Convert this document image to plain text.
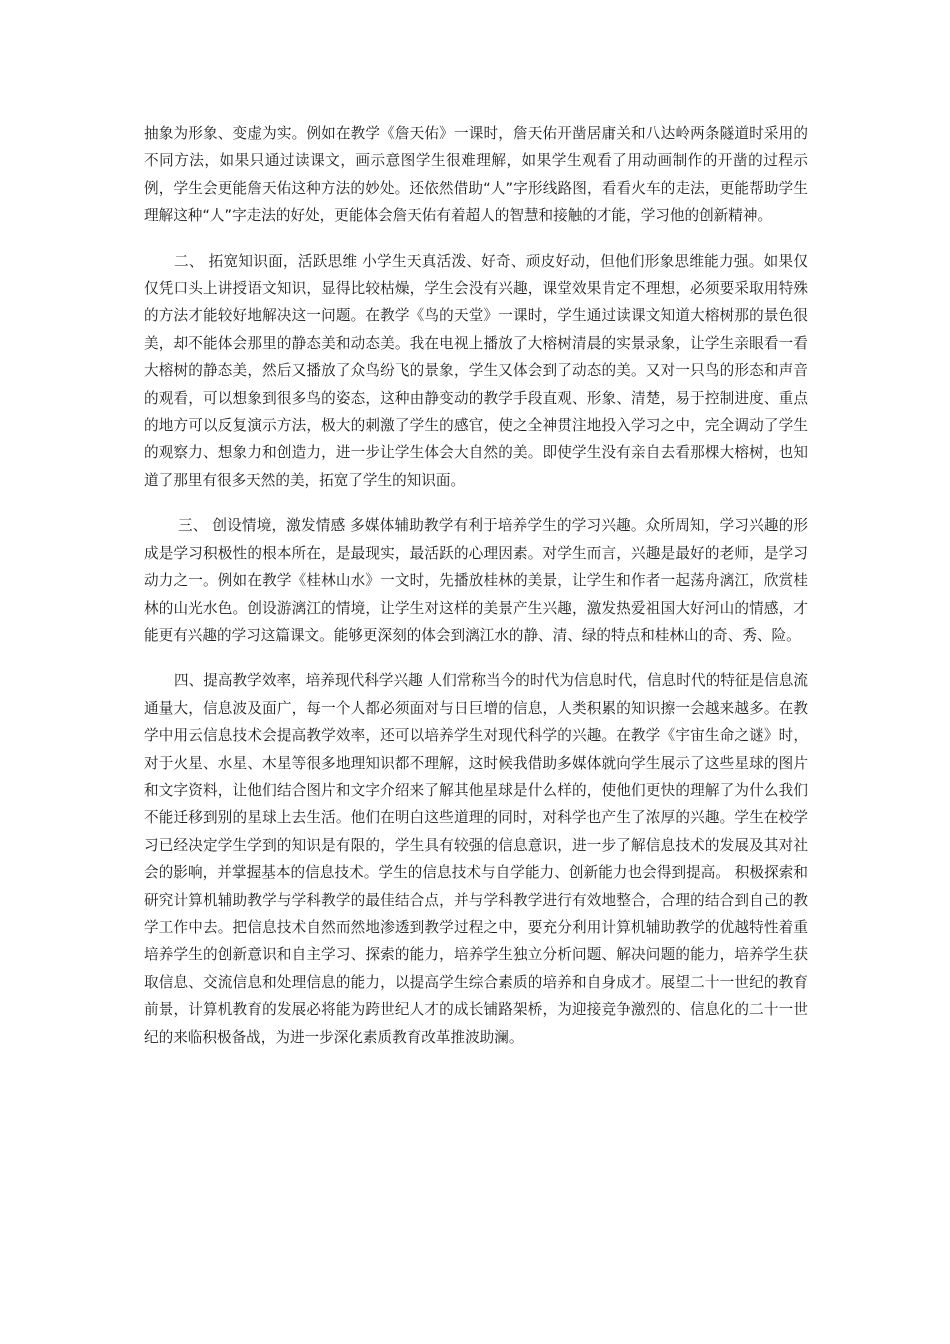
抽象为形象、变虚为实。例如在教学《詹天佑》一课时，詹天佑开凿居庸关和八达岭两条隧道时采用的不同方法，如果只通过读课文，画示意图学生很难理解，如果学生观看了用动画制作的开凿的过程示例，学生会更能詹天佑这种方法的妙处。还依然借助“人”字形线路图，看看火车的走法，更能帮助学生理解这种“人”字走法的好处，更能体会詹天佑有着超人的智慧和接触的才能，学习他的创新精神。

二、 拓宽知识面，活跃思维 小学生天真活泼、好奇、顽皮好动，但他们形象思维能力强。如果仅仅凭口头上讲授语文知识，显得比较枯燥，学生会没有兴趣，课堂效果肯定不理想，必须要采取用特殊的方法才能较好地解决这一问题。在教学《鸟的天堂》一课时，学生通过读课文知道大榕树那的景色很美，却不能体会那里的静态美和动态美。我在电视上播放了大榕树清晨的实景录象，让学生亲眼看一看大榕树的静态美，然后又播放了众鸟纷飞的景象，学生又体会到了动态的美。又对一只鸟的形态和声音的观看，可以想象到很多鸟的姿态，这种由静变动的教学手段直观、形象、清楚，易于控制进度、重点的地方可以反复演示方法，极大的刺激了学生的感官，使之全神贯注地投入学习之中，完全调动了学生的观察力、想象力和创造力，进一步让学生体会大自然的美。即使学生没有亲自去看那棵大榕树，也知道了那里有很多天然的美，拓宽了学生的知识面。

三、 创设情境，激发情感 多媒体辅助教学有利于培养学生的学习兴趣。众所周知，学习兴趣的形成是学习积极性的根本所在，是最现实，最活跃的心理因素。对学生而言，兴趣是最好的老师，是学习动力之一。例如在教学《桂林山水》一文时，先播放桂林的美景，让学生和作者一起荡舟漓江，欣赏桂林的山光水色。创设游漓江的情境，让学生对这样的美景产生兴趣，激发热爱祖国大好河山的情感，才能更有兴趣的学习这篇课文。能够更深刻的体会到漓江水的静、清、绿的特点和桂林山的奇、秀、险。

四、提高教学效率，培养现代科学兴趣 人们常称当今的时代为信息时代，信息时代的特征是信息流通量大，信息波及面广，每一个人都必须面对与日巨增的信息，人类积累的知识擦一会越来越多。在教学中用云信息技术会提高教学效率，还可以培养学生对现代科学的兴趣。在教学《宇宙生命之谜》时，对于火星、水星、木星等很多地理知识都不理解，这时候我借助多媒体就向学生展示了这些星球的图片和文字资料，让他们结合图片和文字介绍来了解其他星球是什么样的，使他们更快的理解了为什么我们不能迁移到别的星球上去生活。他们在明白这些道理的同时，对科学也产生了浓厚的兴趣。学生在校学习已经决定学生学到的知识是有限的，学生具有较强的信息意识，进一步了解信息技术的发展及其对社会的影响，并掌握基本的信息技术。学生的信息技术与自学能力、创新能力也会得到提高。 积极探索和研究计算机辅助教学与学科教学的最佳结合点，并与学科教学进行有效地整合，合理的结合到自己的教学工作中去。把信息技术自然而然地渗透到教学过程之中，要充分利用计算机辅助教学的优越特性着重培养学生的创新意识和自主学习、探索的能力，培养学生独立分析问题、解决问题的能力，培养学生获取信息、交流信息和处理信息的能力，以提高学生综合素质的培养和自身成才。展望二十一世纪的教育前景，计算机教育的发展必将能为跨世纪人才的成长铺路架桥，为迎接竞争激烈的、信息化的二十一世纪的来临积极备战，为进一步深化素质教育改革推波助澜。
